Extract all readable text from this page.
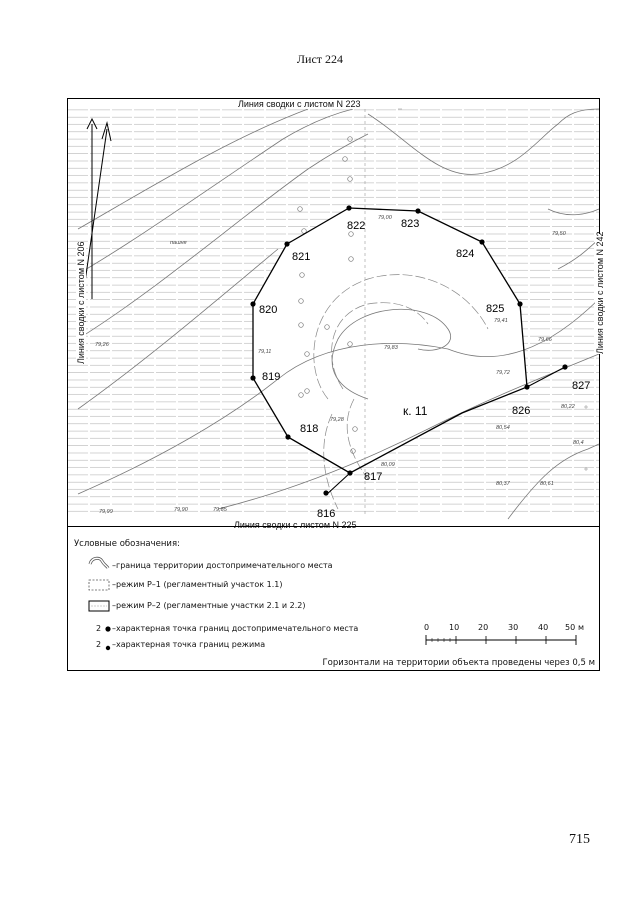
Лист 224
816
817
818
819
820
821
822	823
824
825
826
827
к. 11
79,00
79,50
79,41
79,66
79,72
80,22
80,54
80,4
80,37	80,61
80,09
79,28
79,83
79,11
79,26
79,90	79,85
79,99
пашня
Линия сводки с листом N 223
Линия сводки с листом N 225
Линия сводки с листом N 206	Линия сводки с листом N 242
Условные обозначения:
–граница территории достопримечательного места
–режим Р–1 (регламентный участок 1.1)
–режим Р–2 (регламентные участки 2.1 и 2.2)
2 –характерная точка границ достопримечательного места
2 –характерная точка границ режима
0 10 20 30 40 50 м
Горизонтали на территории объекта проведены через 0,5 м
715
